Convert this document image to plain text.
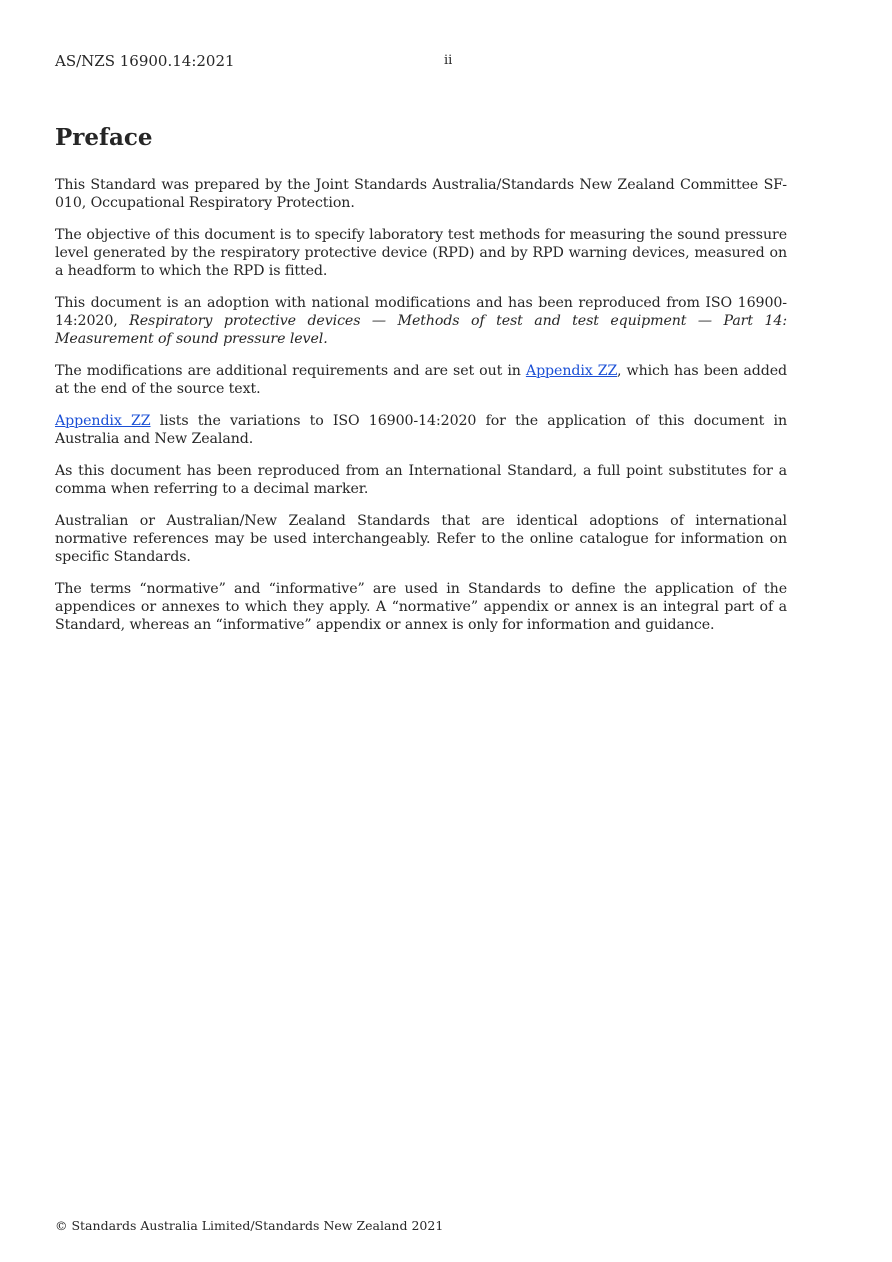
AS/NZS 16900.14:2021	ii
Preface

This Standard was prepared by the Joint Standards Australia/Standards New Zealand Committee SF-010, Occupational Respiratory Protection.

The objective of this document is to specify laboratory test methods for measuring the sound pressure level generated by the respiratory protective device (RPD) and by RPD warning devices, measured on a headform to which the RPD is fitted.

This document is an adoption with national modifications and has been reproduced from ISO 16900-14:2020, Respiratory protective devices — Methods of test and test equipment — Part 14: Measurement of sound pressure level.

The modifications are additional requirements and are set out in Appendix ZZ, which has been added at the end of the source text.

Appendix ZZ lists the variations to ISO 16900-14:2020 for the application of this document in Australia and New Zealand.

As this document has been reproduced from an International Standard, a full point substitutes for a comma when referring to a decimal marker.

Australian or Australian/New Zealand Standards that are identical adoptions of international normative references may be used interchangeably. Refer to the online catalogue for information on specific Standards.

The terms “normative” and “informative” are used in Standards to define the application of the appendices or annexes to which they apply. A “normative” appendix or annex is an integral part of a Standard, whereas an “informative” appendix or annex is only for information and guidance.

© Standards Australia Limited/Standards New Zealand 2021
